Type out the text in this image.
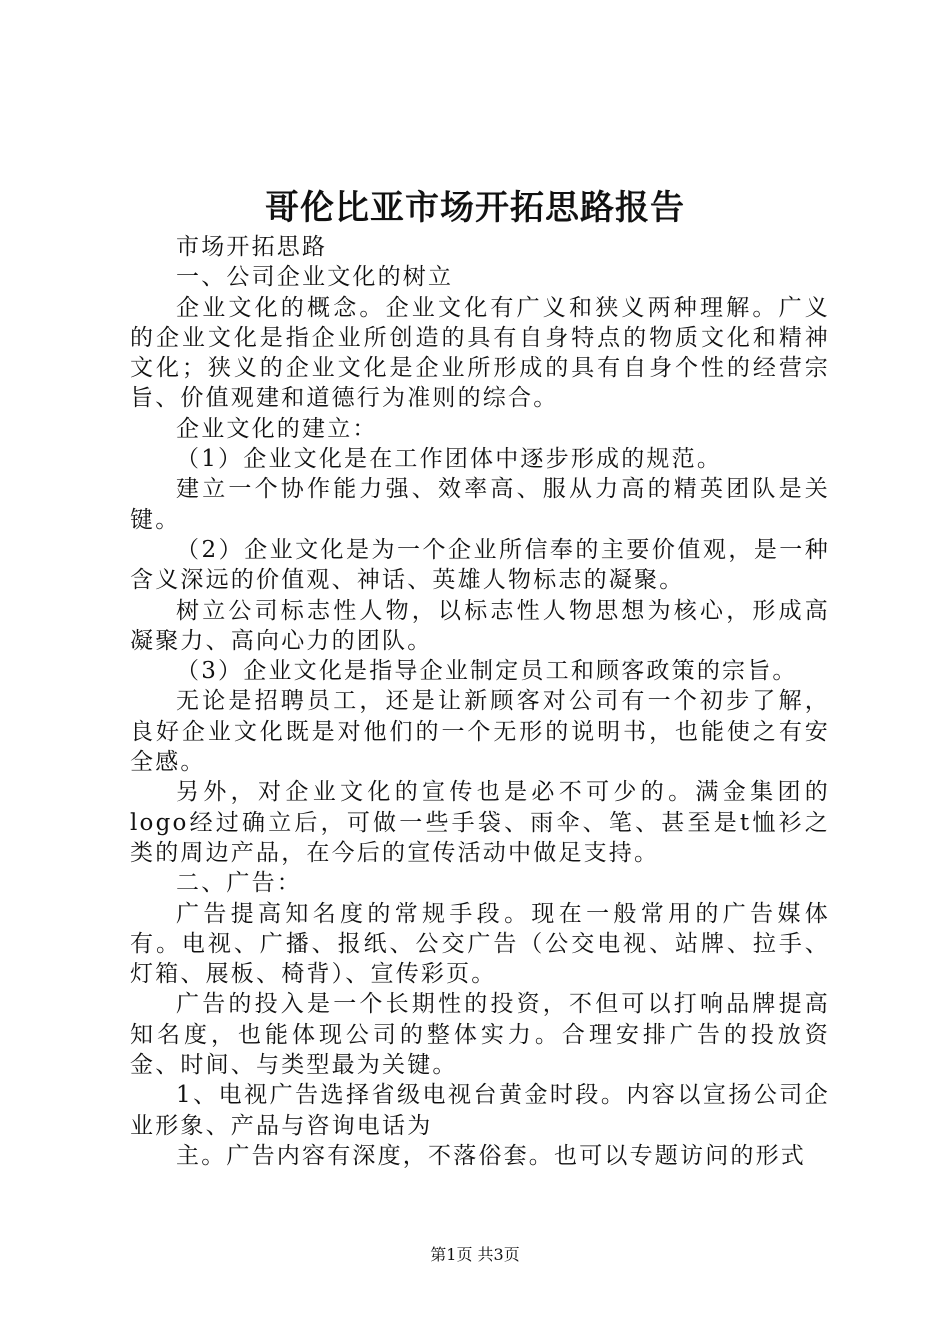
哥伦比亚市场开拓思路报告

市场开拓思路

一、公司企业文化的树立

企业文化的概念。企业文化有广义和狭义两种理解。广义的企业文化是指企业所创造的具有自身特点的物质文化和精神文化；狭义的企业文化是企业所形成的具有自身个性的经营宗旨、价值观建和道德行为准则的综合。

企业文化的建立：

（1）企业文化是在工作团体中逐步形成的规范。

建立一个协作能力强、效率高、服从力高的精英团队是关键。

（2）企业文化是为一个企业所信奉的主要价值观，是一种含义深远的价值观、神话、英雄人物标志的凝聚。

树立公司标志性人物，以标志性人物思想为核心，形成高凝聚力、高向心力的团队。

（3）企业文化是指导企业制定员工和顾客政策的宗旨。

无论是招聘员工，还是让新顾客对公司有一个初步了解，良好企业文化既是对他们的一个无形的说明书，也能使之有安全感。

另外，对企业文化的宣传也是必不可少的。满金集团的logo经过确立后，可做一些手袋、雨伞、笔、甚至是t恤衫之类的周边产品，在今后的宣传活动中做足支持。

二、广告：

广告提高知名度的常规手段。现在一般常用的广告媒体有。电视、广播、报纸、公交广告（公交电视、站牌、拉手、灯箱、展板、椅背）、宣传彩页。

广告的投入是一个长期性的投资，不但可以打响品牌提高知名度，也能体现公司的整体实力。合理安排广告的投放资金、时间、与类型最为关键。

1、电视广告选择省级电视台黄金时段。内容以宣扬公司企业形象、产品与咨询电话为

主。广告内容有深度，不落俗套。也可以专题访问的形式

第1页 共3页
